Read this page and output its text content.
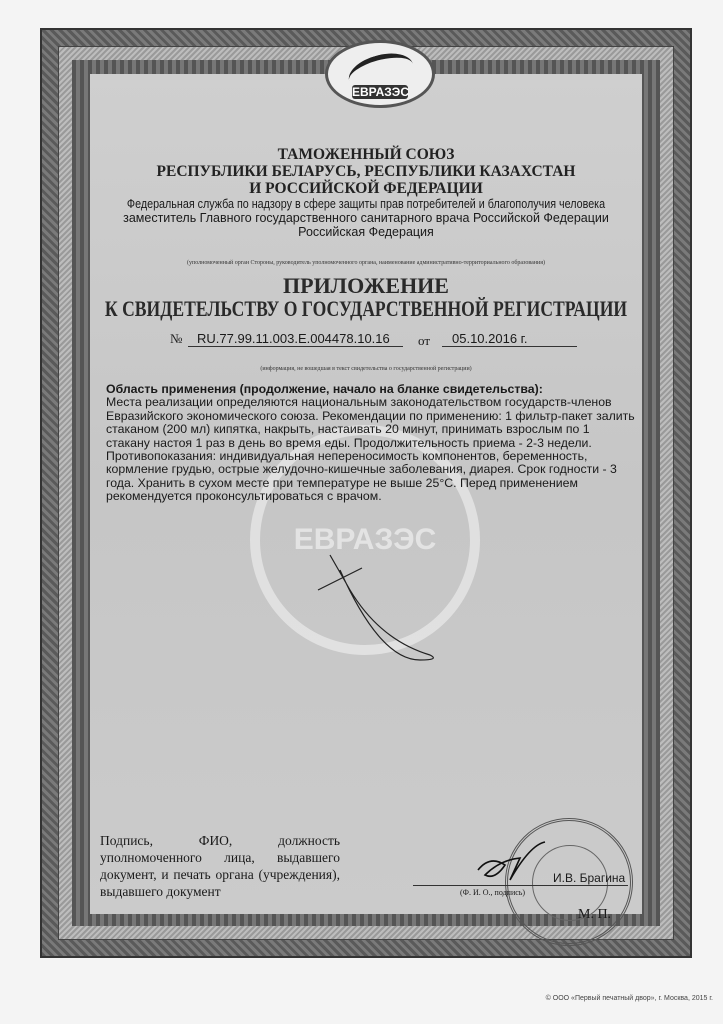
ЕВРАЗЭС
ЕВРАЗЭС
ТАМОЖЕННЫЙ СОЮЗ
РЕСПУБЛИКИ БЕЛАРУСЬ, РЕСПУБЛИКИ КАЗАХСТАН
И РОССИЙСКОЙ ФЕДЕРАЦИИ
Федеральная служба по надзору в сфере защиты прав потребителей и благополучия человека
заместитель Главного государственного санитарного врача Российской Федерации
Российская Федерация
(уполномоченный орган Стороны, руководитель уполномоченного органа, наименование административно-территориального образования)
ПРИЛОЖЕНИЕ
К СВИДЕТЕЛЬСТВУ О ГОСУДАРСТВЕННОЙ РЕГИСТРАЦИИ
№ RU.77.99.11.003.E.004478.10.16 от 05.10.2016 г.
(информация, не вошедшая в текст свидетельства о государственной регистрации)
Область применения (продолжение, начало на бланке свидетельства):
Места реализации определяются национальным законодательством государств-членов Евразийского экономического союза. Рекомендации по применению: 1 фильтр-пакет залить стаканом (200 мл) кипятка, накрыть, настаивать 20 минут, принимать взрослым по 1 стакану настоя 1 раз в день во время еды. Продолжительность приема - 2-3 недели. Противопоказания: индивидуальная непереносимость компонентов, беременность, кормление грудью, острые желудочно-кишечные заболевания, диарея. Срок годности - 3 года. Хранить в сухом месте при температуре не выше 25°C. Перед применением рекомендуется проконсультироваться с врачом.
Подпись, ФИО, должность уполномоченного лица, выдавшего документ, и печать органа (учреждения), выдавшего документ	(Ф. И. О., подпись)
И.В. Брагина
М. П.
© ООО «Первый печатный двор», г. Москва, 2015 г.
